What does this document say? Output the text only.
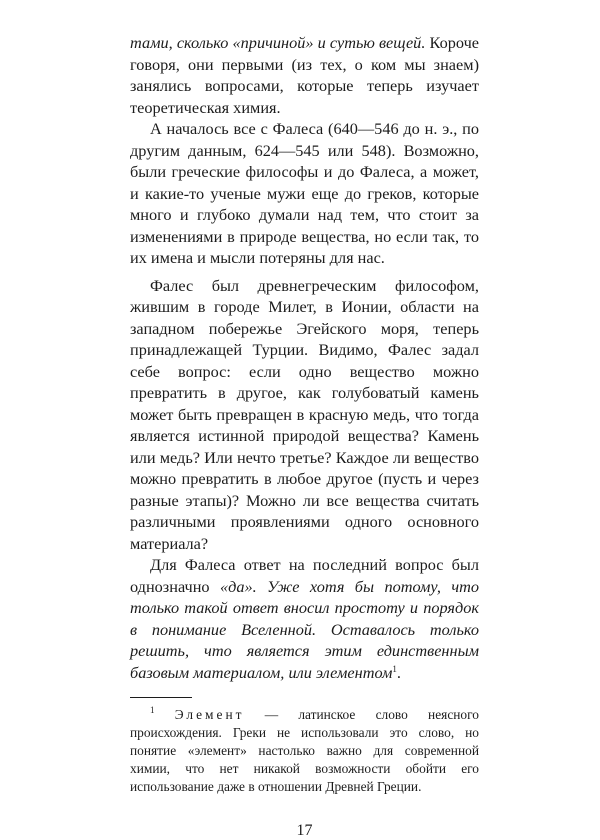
тами, сколько «причиной» и сутью вещей. Короче говоря, они первыми (из тех, о ком мы знаем) занялись вопросами, которые теперь изучает теоретическая химия.

А началось все с Фалеса (640—546 до н. э., по другим данным, 624—545 или 548). Возможно, были греческие философы и до Фалеса, а может, и какие-то ученые мужи еще до греков, которые много и глубоко думали над тем, что стоит за изменениями в природе вещества, но если так, то их имена и мысли потеряны для нас.

Фалес был древнегреческим философом, жившим в городе Милет, в Ионии, области на западном побережье Эгейского моря, теперь принадлежащей Турции. Видимо, Фалес задал себе вопрос: если одно вещество можно превратить в другое, как голубоватый камень может быть превращен в красную медь, что тогда является истинной природой вещества? Камень или медь? Или нечто третье? Каждое ли вещество можно превратить в любое другое (пусть и через разные этапы)? Можно ли все вещества считать различными проявлениями одного основного материала?

Для Фалеса ответ на последний вопрос был однозначно «да». Уже хотя бы потому, что только такой ответ вносил простоту и порядок в понимание Вселенной. Оставалось только решить, что является этим единственным базовым материалом, или элементом$^1$.

$^1$ Элемент — латинское слово неясного происхождения. Греки не использовали это слово, но понятие «элемент» настолько важно для современной химии, что нет никакой возможности обойти его использование даже в отношении Древней Греции.

17
